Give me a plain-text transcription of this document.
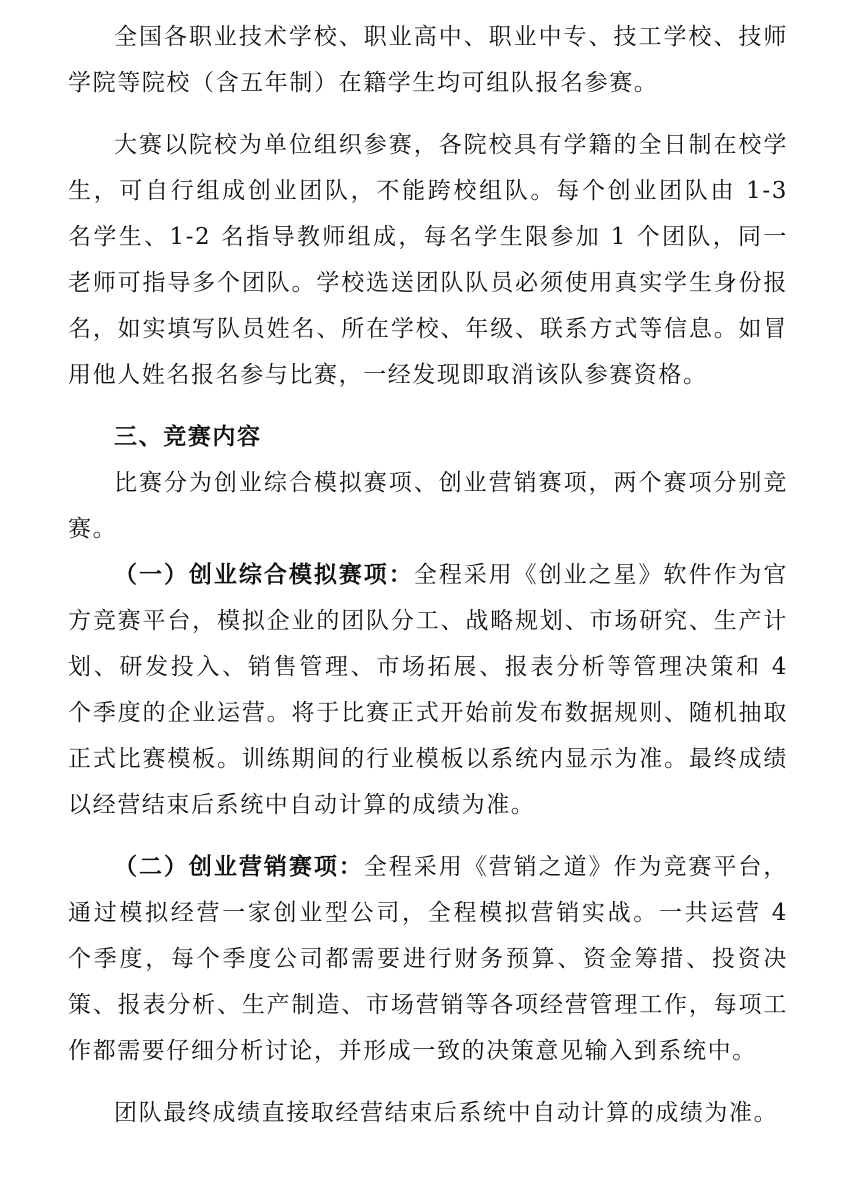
全国各职业技术学校、职业高中、职业中专、技工学校、技师学院等院校（含五年制）在籍学生均可组队报名参赛。

大赛以院校为单位组织参赛，各院校具有学籍的全日制在校学生，可自行组成创业团队，不能跨校组队。每个创业团队由 1-3 名学生、1-2 名指导教师组成，每名学生限参加 1 个团队，同一老师可指导多个团队。学校选送团队队员必须使用真实学生身份报名，如实填写队员姓名、所在学校、年级、联系方式等信息。如冒用他人姓名报名参与比赛，一经发现即取消该队参赛资格。

三、竞赛内容

比赛分为创业综合模拟赛项、创业营销赛项，两个赛项分别竞赛。

（一）创业综合模拟赛项：全程采用《创业之星》软件作为官方竞赛平台，模拟企业的团队分工、战略规划、市场研究、生产计划、研发投入、销售管理、市场拓展、报表分析等管理决策和 4 个季度的企业运营。将于比赛正式开始前发布数据规则、随机抽取正式比赛模板。训练期间的行业模板以系统内显示为准。最终成绩以经营结束后系统中自动计算的成绩为准。

（二）创业营销赛项：全程采用《营销之道》作为竞赛平台，通过模拟经营一家创业型公司，全程模拟营销实战。一共运营 4 个季度，每个季度公司都需要进行财务预算、资金筹措、投资决策、报表分析、生产制造、市场营销等各项经营管理工作，每项工作都需要仔细分析讨论，并形成一致的决策意见输入到系统中。

团队最终成绩直接取经营结束后系统中自动计算的成绩为准。
